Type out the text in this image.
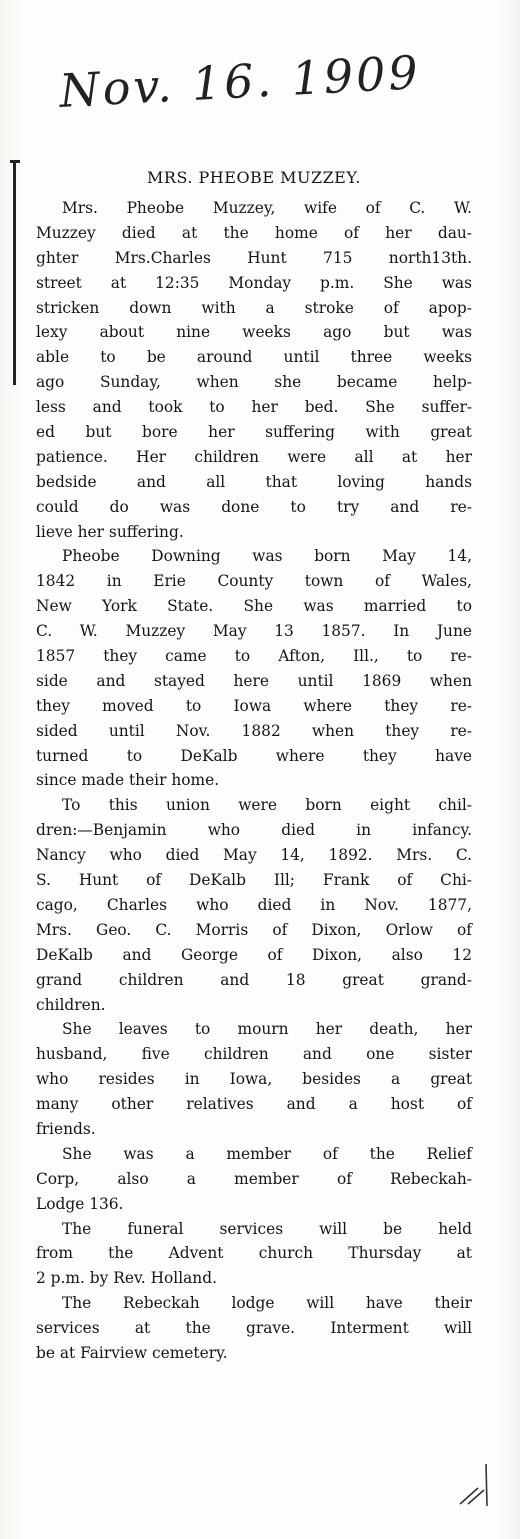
Nov. 16. 1909
MRS. PHEOBE MUZZEY.
Mrs. Pheobe Muzzey, wife of C. W.
Muzzey died at the home of her dau-
ghter Mrs.Charles Hunt 715 north13th.
street at 12:35 Monday p.m. She was
stricken down with a stroke of apop-
lexy about nine weeks ago but was
able to be around until three weeks
ago Sunday, when she became help-
less and took to her bed. She suffer-
ed but bore her suffering with great
patience. Her children were all at her
bedside and all that loving hands
could do was done to try and re-
lieve her suffering.
Pheobe Downing was born May 14,
1842 in Erie County town of Wales,
New York State. She was married to
C. W. Muzzey May 13 1857. In June
1857 they came to Afton, Ill., to re-
side and stayed here until 1869 when
they moved to Iowa where they re-
sided until Nov. 1882 when they re-
turned to DeKalb where they have
since made their home.
To this union were born eight chil-
dren:—Benjamin who died in infancy.
Nancy who died May 14, 1892. Mrs. C.
S. Hunt of DeKalb Ill; Frank of Chi-
cago, Charles who died in Nov. 1877,
Mrs. Geo. C. Morris of Dixon, Orlow of
DeKalb and George of Dixon, also 12
grand children and 18 great grand-
children.
She leaves to mourn her death, her
husband, five children and one sister
who resides in Iowa, besides a great
many other relatives and a host of
friends.
She was a member of the Relief
Corp, also a member of Rebeckah-
Lodge 136.
The funeral services will be held
from the Advent church Thursday at
2 p.m. by Rev. Holland.
The Rebeckah lodge will have their
services at the grave. Interment will
be at Fairview cemetery.
